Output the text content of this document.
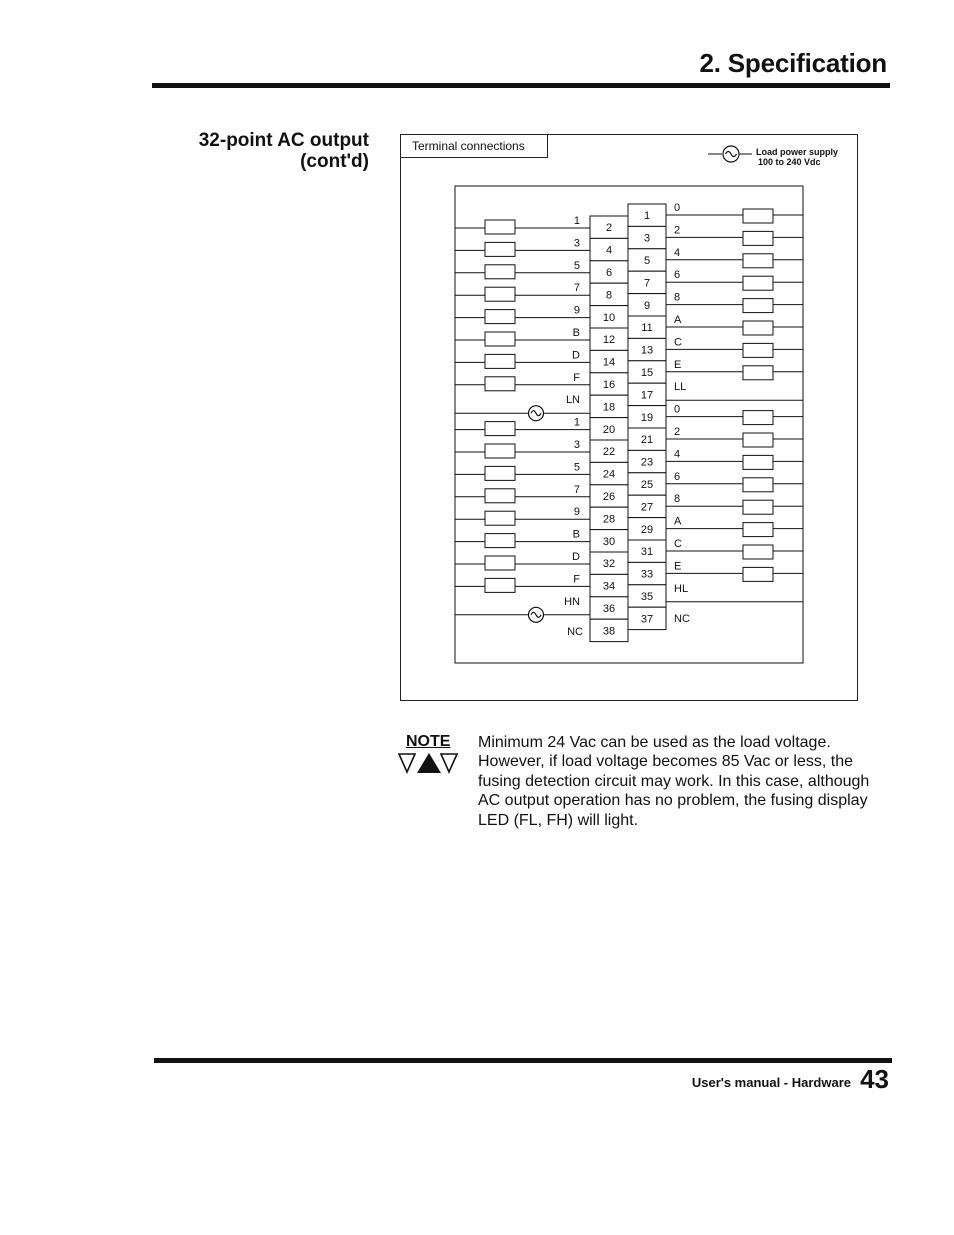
2. Specification
32-point AC output
(cont'd)
Terminal connections	Load power supply
100 to 240 Vdc
2
4
6
8
10
12
14
16
18
20
22
24
26
28
30
32
34
36
38
1
3
5
7
9
11
13
15
17
19
21
23
25
27
29
31
33
35
37
1
3
5
7
9
B
D
F
LN
1
3
5
7
9
B
D
F
HN
NC
0
2
4
6
8
A
C
E
LL
0
2
4
6
8
A
C
E
HL
NC
NOTE Minimum 24 Vac can be used as the load voltage. However, if load voltage becomes 85 Vac or less, the fusing detection circuit may work. In this case, although AC output operation has no problem, the fusing display LED (FL, FH) will light.
User's manual - Hardware 43
